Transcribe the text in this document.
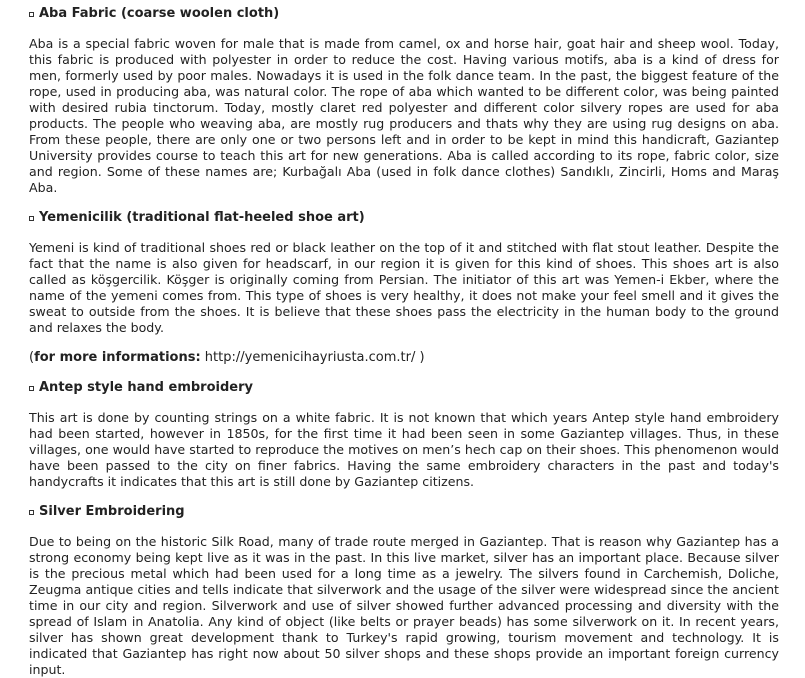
Aba Fabric (coarse woolen cloth)

Aba is a special fabric woven for male that is made from camel, ox and horse hair, goat hair and sheep wool. Today, this fabric is produced with polyester in order to reduce the cost. Having various motifs, aba is a kind of dress for men, formerly used by poor males. Nowadays it is used in the folk dance team. In the past, the biggest feature of the rope, used in producing aba, was natural color. The rope of aba which wanted to be different color, was being painted with desired rubia tinctorum. Today, mostly claret red polyester and different color silvery ropes are used for aba products. The people who weaving aba, are mostly rug producers and thats why they are using rug designs on aba. From these people, there are only one or two persons left and in order to be kept in mind this handicraft, Gaziantep University provides course to teach this art for new generations. Aba is called according to its rope, fabric color, size and region. Some of these names are; Kurbağalı Aba (used in folk dance clothes) Sandıklı, Zincirli, Homs and Maraş Aba.

Yemenicilik (traditional flat-heeled shoe art)

Yemeni is kind of traditional shoes red or black leather on the top of it and stitched with flat stout leather. Despite the fact that the name is also given for headscarf, in our region it is given for this kind of shoes. This shoes art is also called as köşgercilik. Köşger is originally coming from Persian. The initiator of this art was Yemen-i Ekber, where the name of the yemeni comes from. This type of shoes is very healthy, it does not make your feel smell and it gives the sweat to outside from the shoes. It is believe that these shoes pass the electricity in the human body to the ground and relaxes the body.

(for more informations: http://yemenicihayriusta.com.tr/ )

Antep style hand embroidery

This art is done by counting strings on a white fabric. It is not known that which years Antep style hand embroidery had been started, however in 1850s, for the first time it had been seen in some Gaziantep villages. Thus, in these villages, one would have started to reproduce the motives on men’s hech cap on their shoes. This phenomenon would have been passed to the city on finer fabrics. Having the same embroidery characters in the past and today's handycrafts it indicates that this art is still done by Gaziantep citizens.

Silver Embroidering

Due to being on the historic Silk Road, many of trade route merged in Gaziantep. That is reason why Gaziantep has a strong economy being kept live as it was in the past. In this live market, silver has an important place. Because silver is the precious metal which had been used for a long time as a jewelry. The silvers found in Carchemish, Doliche, Zeugma antique cities and tells indicate that silverwork and the usage of the silver were widespread since the ancient time in our city and region. Silverwork and use of silver showed further advanced processing and diversity with the spread of Islam in Anatolia. Any kind of object (like belts or prayer beads) has some silverwork on it. In recent years, silver has shown great development thank to Turkey's rapid growing, tourism movement and technology. It is indicated that Gaziantep has right now about 50 silver shops and these shops provide an important foreign currency input.
